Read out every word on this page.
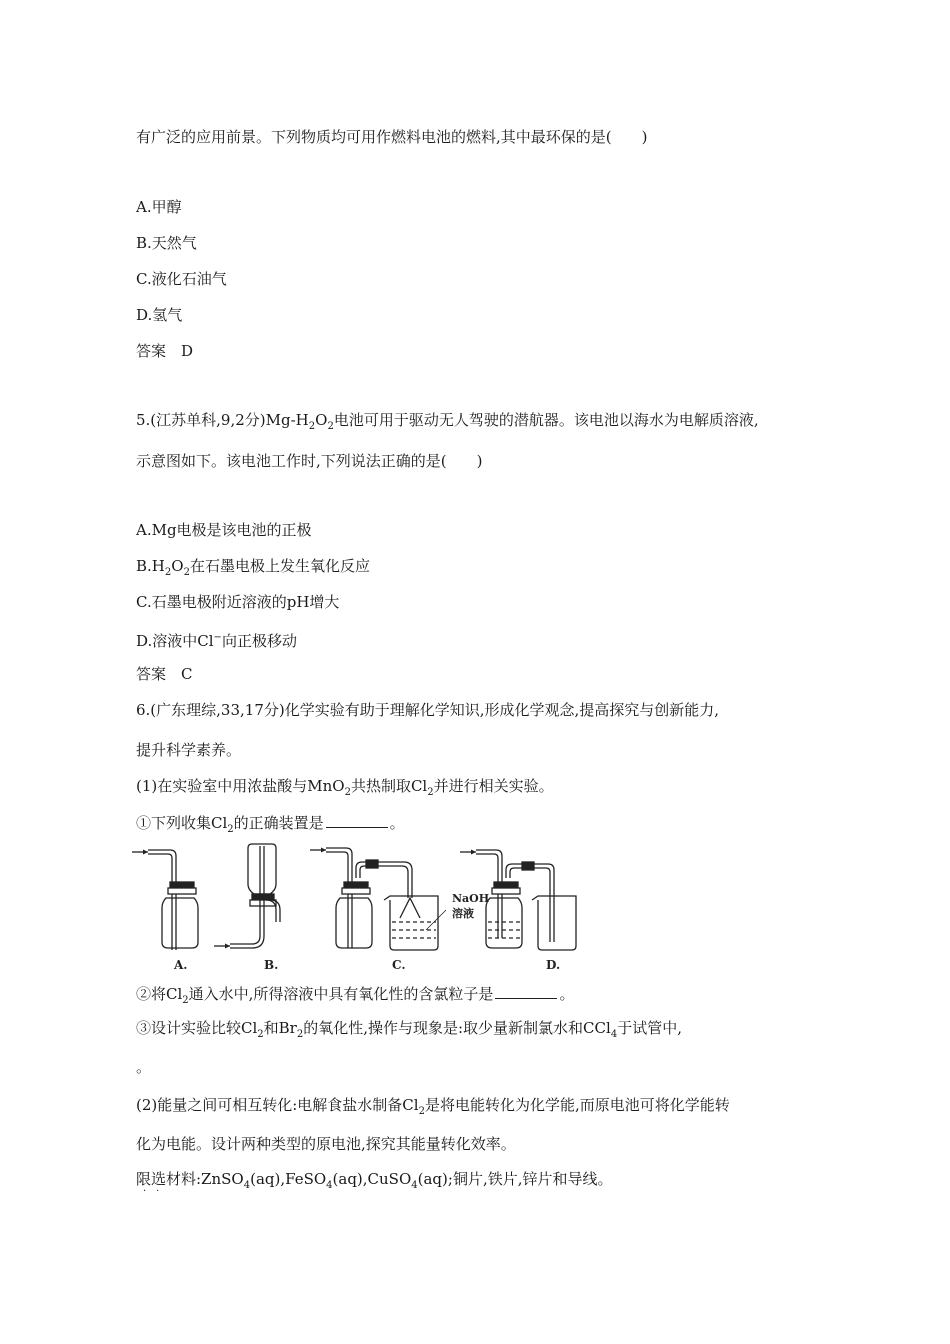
有广泛的应用前景。下列物质均可用作燃料电池的燃料,其中最环保的是(　　)
A.甲醇
B.天然气
C.液化石油气
D.氢气
答案　D
5.(江苏单科,9,2分)$Mg-H_2O_2$电池可用于驱动无人驾驶的潜航器。该电池以海水为电解质溶液,
示意图如下。该电池工作时,下列说法正确的是(　　)
A.Mg电极是该电池的正极
$B.H_2O_2$在石墨电极上发生氧化反应
C.石墨电极附近溶液的pH增大
D.溶液中Cl−向正极移动
答案　C
6.(广东理综,33,17分)化学实验有助于理解化学知识,形成化学观念,提高探究与创新能力,
提升科学素养。
(1)在实验室中用浓盐酸与MnO$_2$共热制取$Cl_2$并进行相关实验。
①下列收集$Cl_2$的正确装置是	。
NaOH
溶液
A.	B.	C.	D.
②将$Cl_2$通入水中,所得溶液中具有氧化性的含氯粒子是	。
③设计实验比较$Cl_2$和$Br_2$的氧化性,操作与现象是:取少量新制氯水和CCl$_4$于试管中,
。
(2)能量之间可相互转化:电解食盐水制备$Cl_2$是将电能转化为化学能,而原电池可将化学能转
化为电能。设计两种类型的原电池,探究其能量转化效率。
限选材料:ZnSO$_4$(aq),FeSO$_4$(aq),CuSO$_4$(aq);铜片,铁片,锌片和导线。
··
